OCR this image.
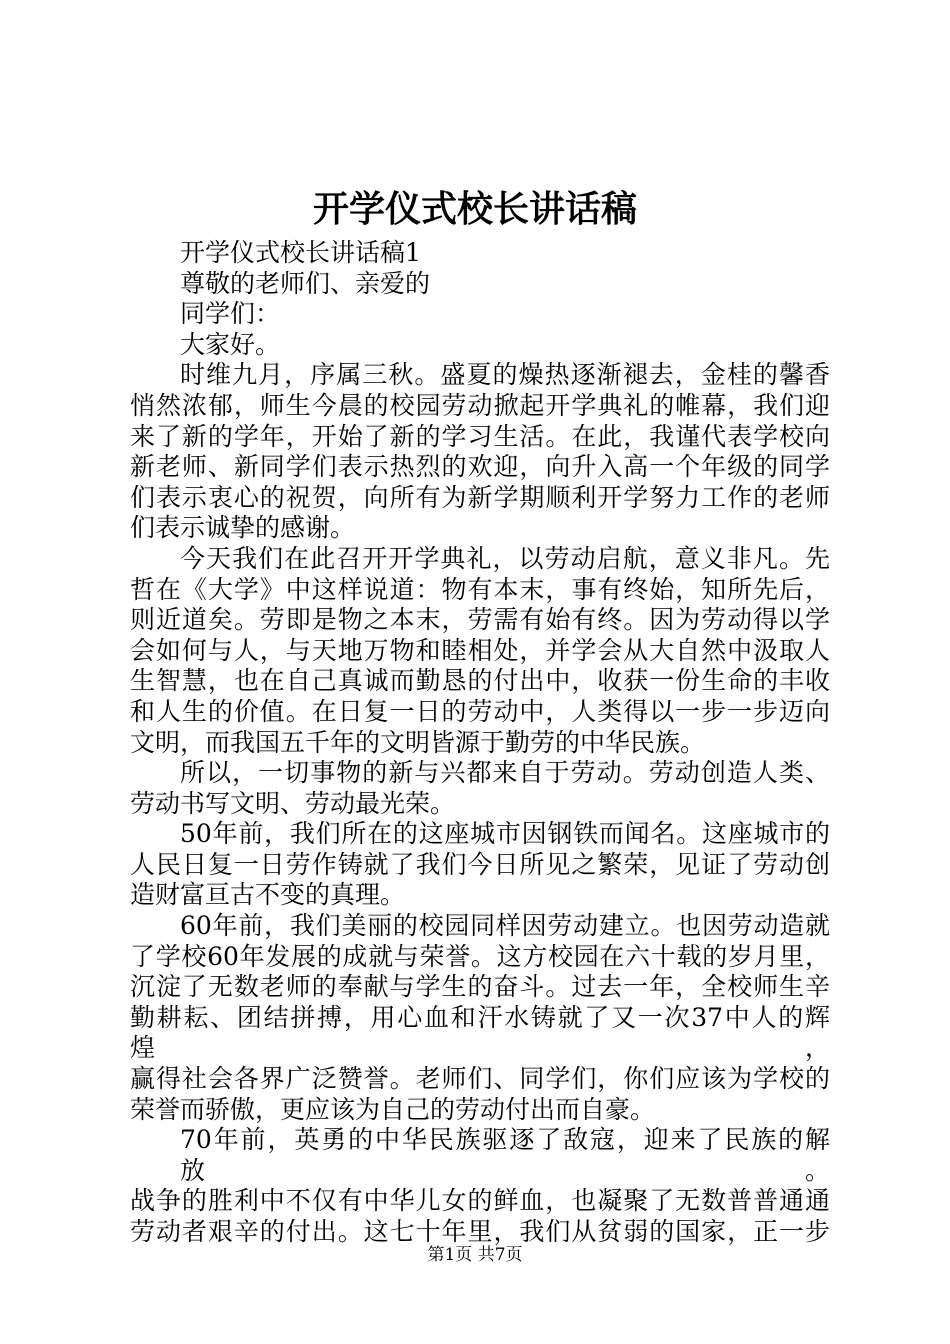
开学仪式校长讲话稿
开学仪式校长讲话稿1
尊敬的老师们、亲爱的
同学们：
大家好。
时维九月，序属三秋。盛夏的燥热逐渐褪去，金桂的馨香
悄然浓郁，师生今晨的校园劳动掀起开学典礼的帷幕，我们迎
来了新的学年，开始了新的学习生活。在此，我谨代表学校向
新老师、新同学们表示热烈的欢迎，向升入高一个年级的同学
们表示衷心的祝贺，向所有为新学期顺利开学努力工作的老师
们表示诚挚的感谢。
今天我们在此召开开学典礼，以劳动启航，意义非凡。先
哲在《大学》中这样说道：物有本末，事有终始，知所先后，
则近道矣。劳即是物之本末，劳需有始有终。因为劳动得以学
会如何与人，与天地万物和睦相处，并学会从大自然中汲取人
生智慧，也在自己真诚而勤恳的付出中，收获一份生命的丰收
和人生的价值。在日复一日的劳动中，人类得以一步一步迈向
文明，而我国五千年的文明皆源于勤劳的中华民族。
所以，一切事物的新与兴都来自于劳动。劳动创造人类、
劳动书写文明、劳动最光荣。
50年前，我们所在的这座城市因钢铁而闻名。这座城市的
人民日复一日劳作铸就了我们今日所见之繁荣，见证了劳动创
造财富亘古不变的真理。
60年前，我们美丽的校园同样因劳动建立。也因劳动造就
了学校60年发展的成就与荣誉。这方校园在六十载的岁月里，
沉淀了无数老师的奉献与学生的奋斗。过去一年，全校师生辛
勤耕耘、团结拼搏，用心血和汗水铸就了又一次37中人的辉煌，
赢得社会各界广泛赞誉。老师们、同学们，你们应该为学校的
荣誉而骄傲，更应该为自己的劳动付出而自豪。
70年前，英勇的中华民族驱逐了敌寇，迎来了民族的解放。
战争的胜利中不仅有中华儿女的鲜血，也凝聚了无数普普通通
劳动者艰辛的付出。这七十年里，我们从贫弱的国家，正一步
第1页 共7页
